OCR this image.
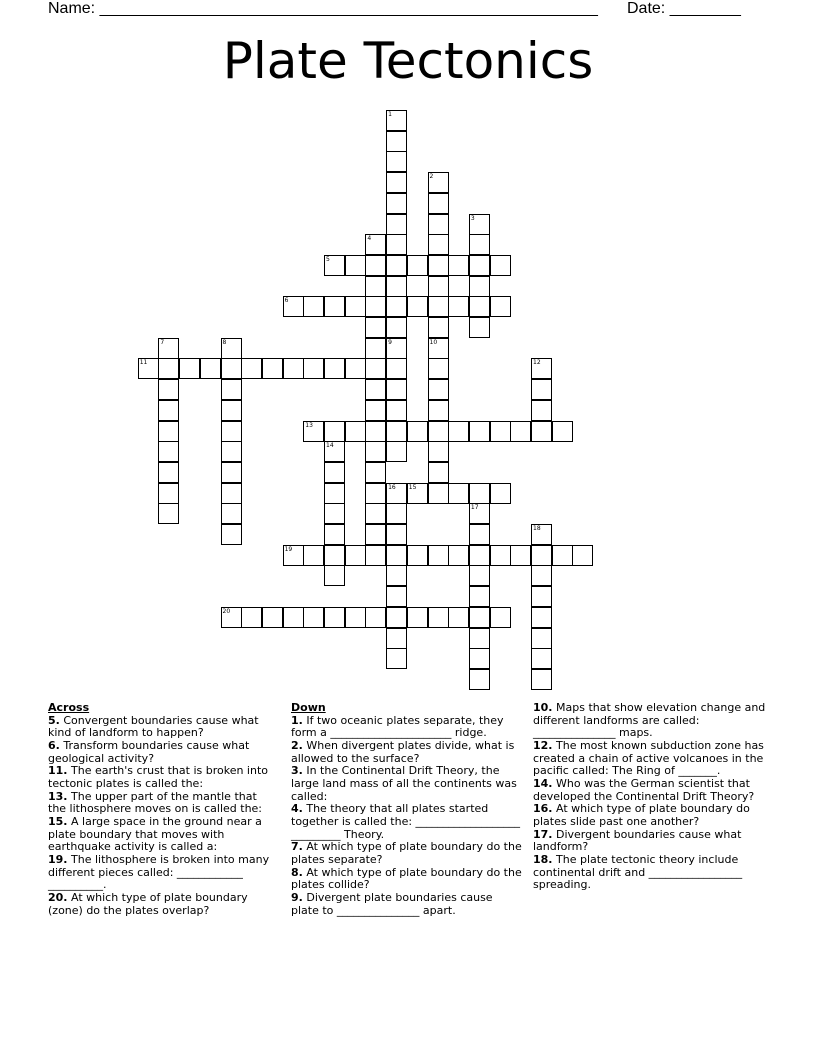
Name: ________________________________________________________ Date: ________
Plate Tectonics
5
6
11
13
15
19
20
1
9
2
10
3
4
7	8
12
14
16
17
18
Across
5. Convergent boundaries cause what kind of landform to happen?
6. Transform boundaries cause what geological activity?
11. The earth's crust that is broken into tectonic plates is called the:
13. The upper part of the mantle that the lithosphere moves on is called the:
15. A large space in the ground near a plate boundary that moves with earthquake activity is called a:
19. The lithosphere is broken into many different pieces called: ____________ __________.
20. At which type of plate boundary (zone) do the plates overlap?
Down
1. If two oceanic plates separate, they form a ______________________ ridge.
2. When divergent plates divide, what is allowed to the surface?
3. In the Continental Drift Theory, the large land mass of all the continents was called:
4. The theory that all plates started together is called the: ___________________ _________ Theory.
7. At which type of plate boundary do the plates separate?
8. At which type of plate boundary do the plates collide?
9. Divergent plate boundaries cause plate to _______________ apart.
10. Maps that show elevation change and different landforms are called: _______________ maps.
12. The most known subduction zone has created a chain of active volcanoes in the pacific called: The Ring of _______.
14. Who was the German scientist that developed the Continental Drift Theory?
16. At which type of plate boundary do plates slide past one another?
17. Divergent boundaries cause what landform?
18. The plate tectonic theory include continental drift and _________________ spreading.
